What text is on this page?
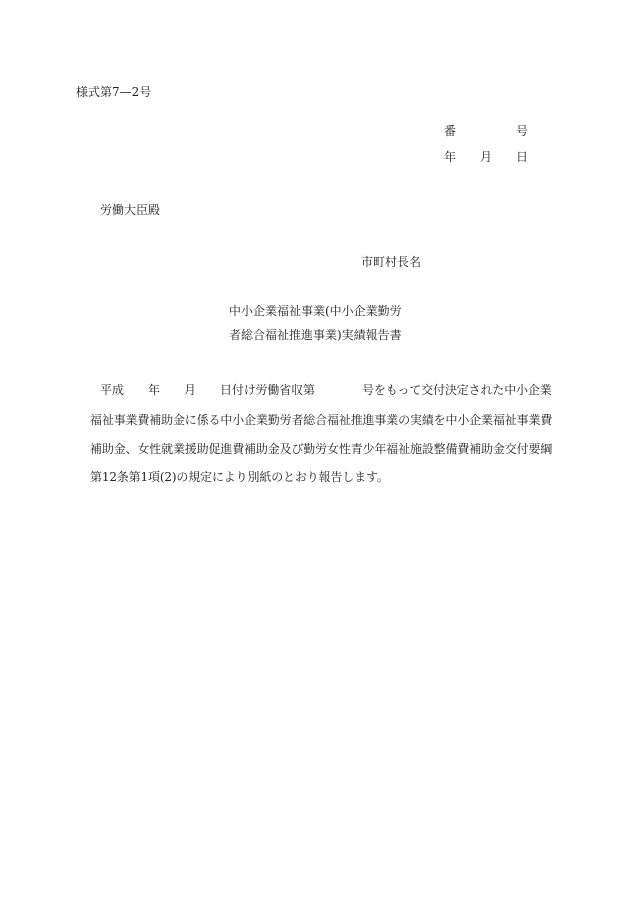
様式第7—2号
番	号
年 月 日
労働大臣殿
市町村長名
中小企業福祉事業(中小企業勤労
者総合福祉推進事業)実績報告書
平成 年 月 日付け労働省収第	号をもって交付決定された中小企業
福祉事業費補助金に係る中小企業勤労者総合福祉推進事業の実績を中小企業福祉事業費
補助金、女性就業援助促進費補助金及び勤労女性青少年福祉施設整備費補助金交付要綱
第12条第1項(2)の規定により別紙のとおり報告します。
